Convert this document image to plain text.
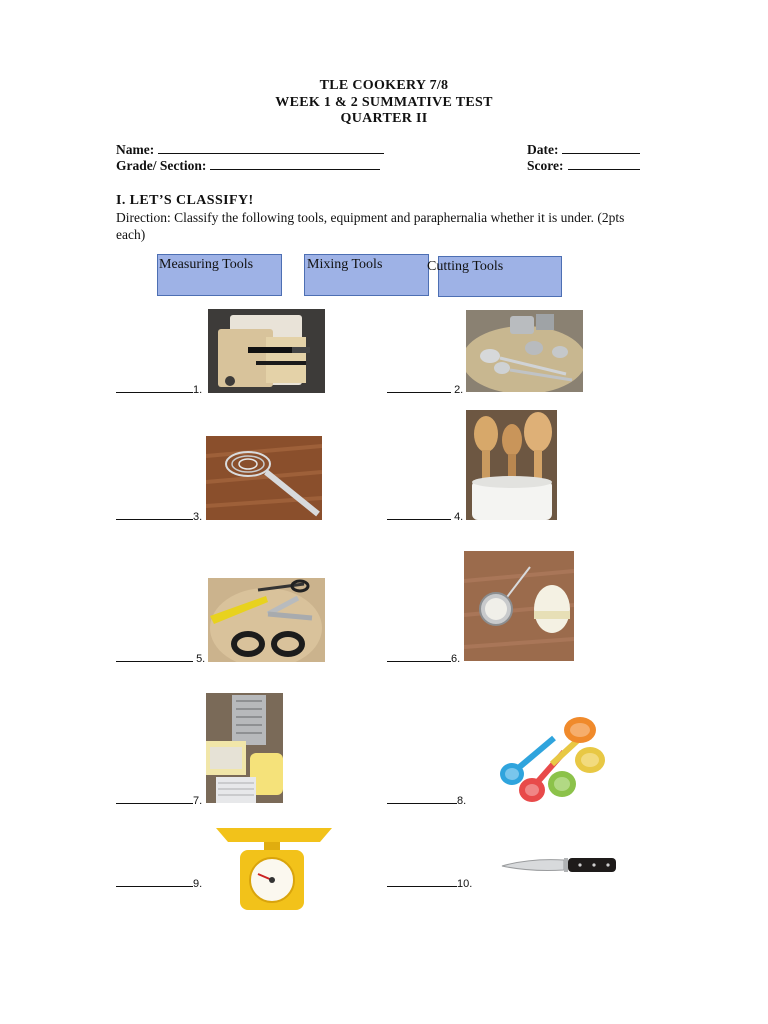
TLE COOKERY 7/8
WEEK 1 & 2 SUMMATIVE TEST
QUARTER II
Name:	Date:
Grade/ Section:	Score:
I. LET’S CLASSIFY!
Direction: Classify the following tools, equipment and paraphernalia whether it is under. (2pts each)
Measuring Tools	Mixing Tools	Cutting Tools
1.	2.
3.	4.
5.	6.
7.	8.
9.	10.
